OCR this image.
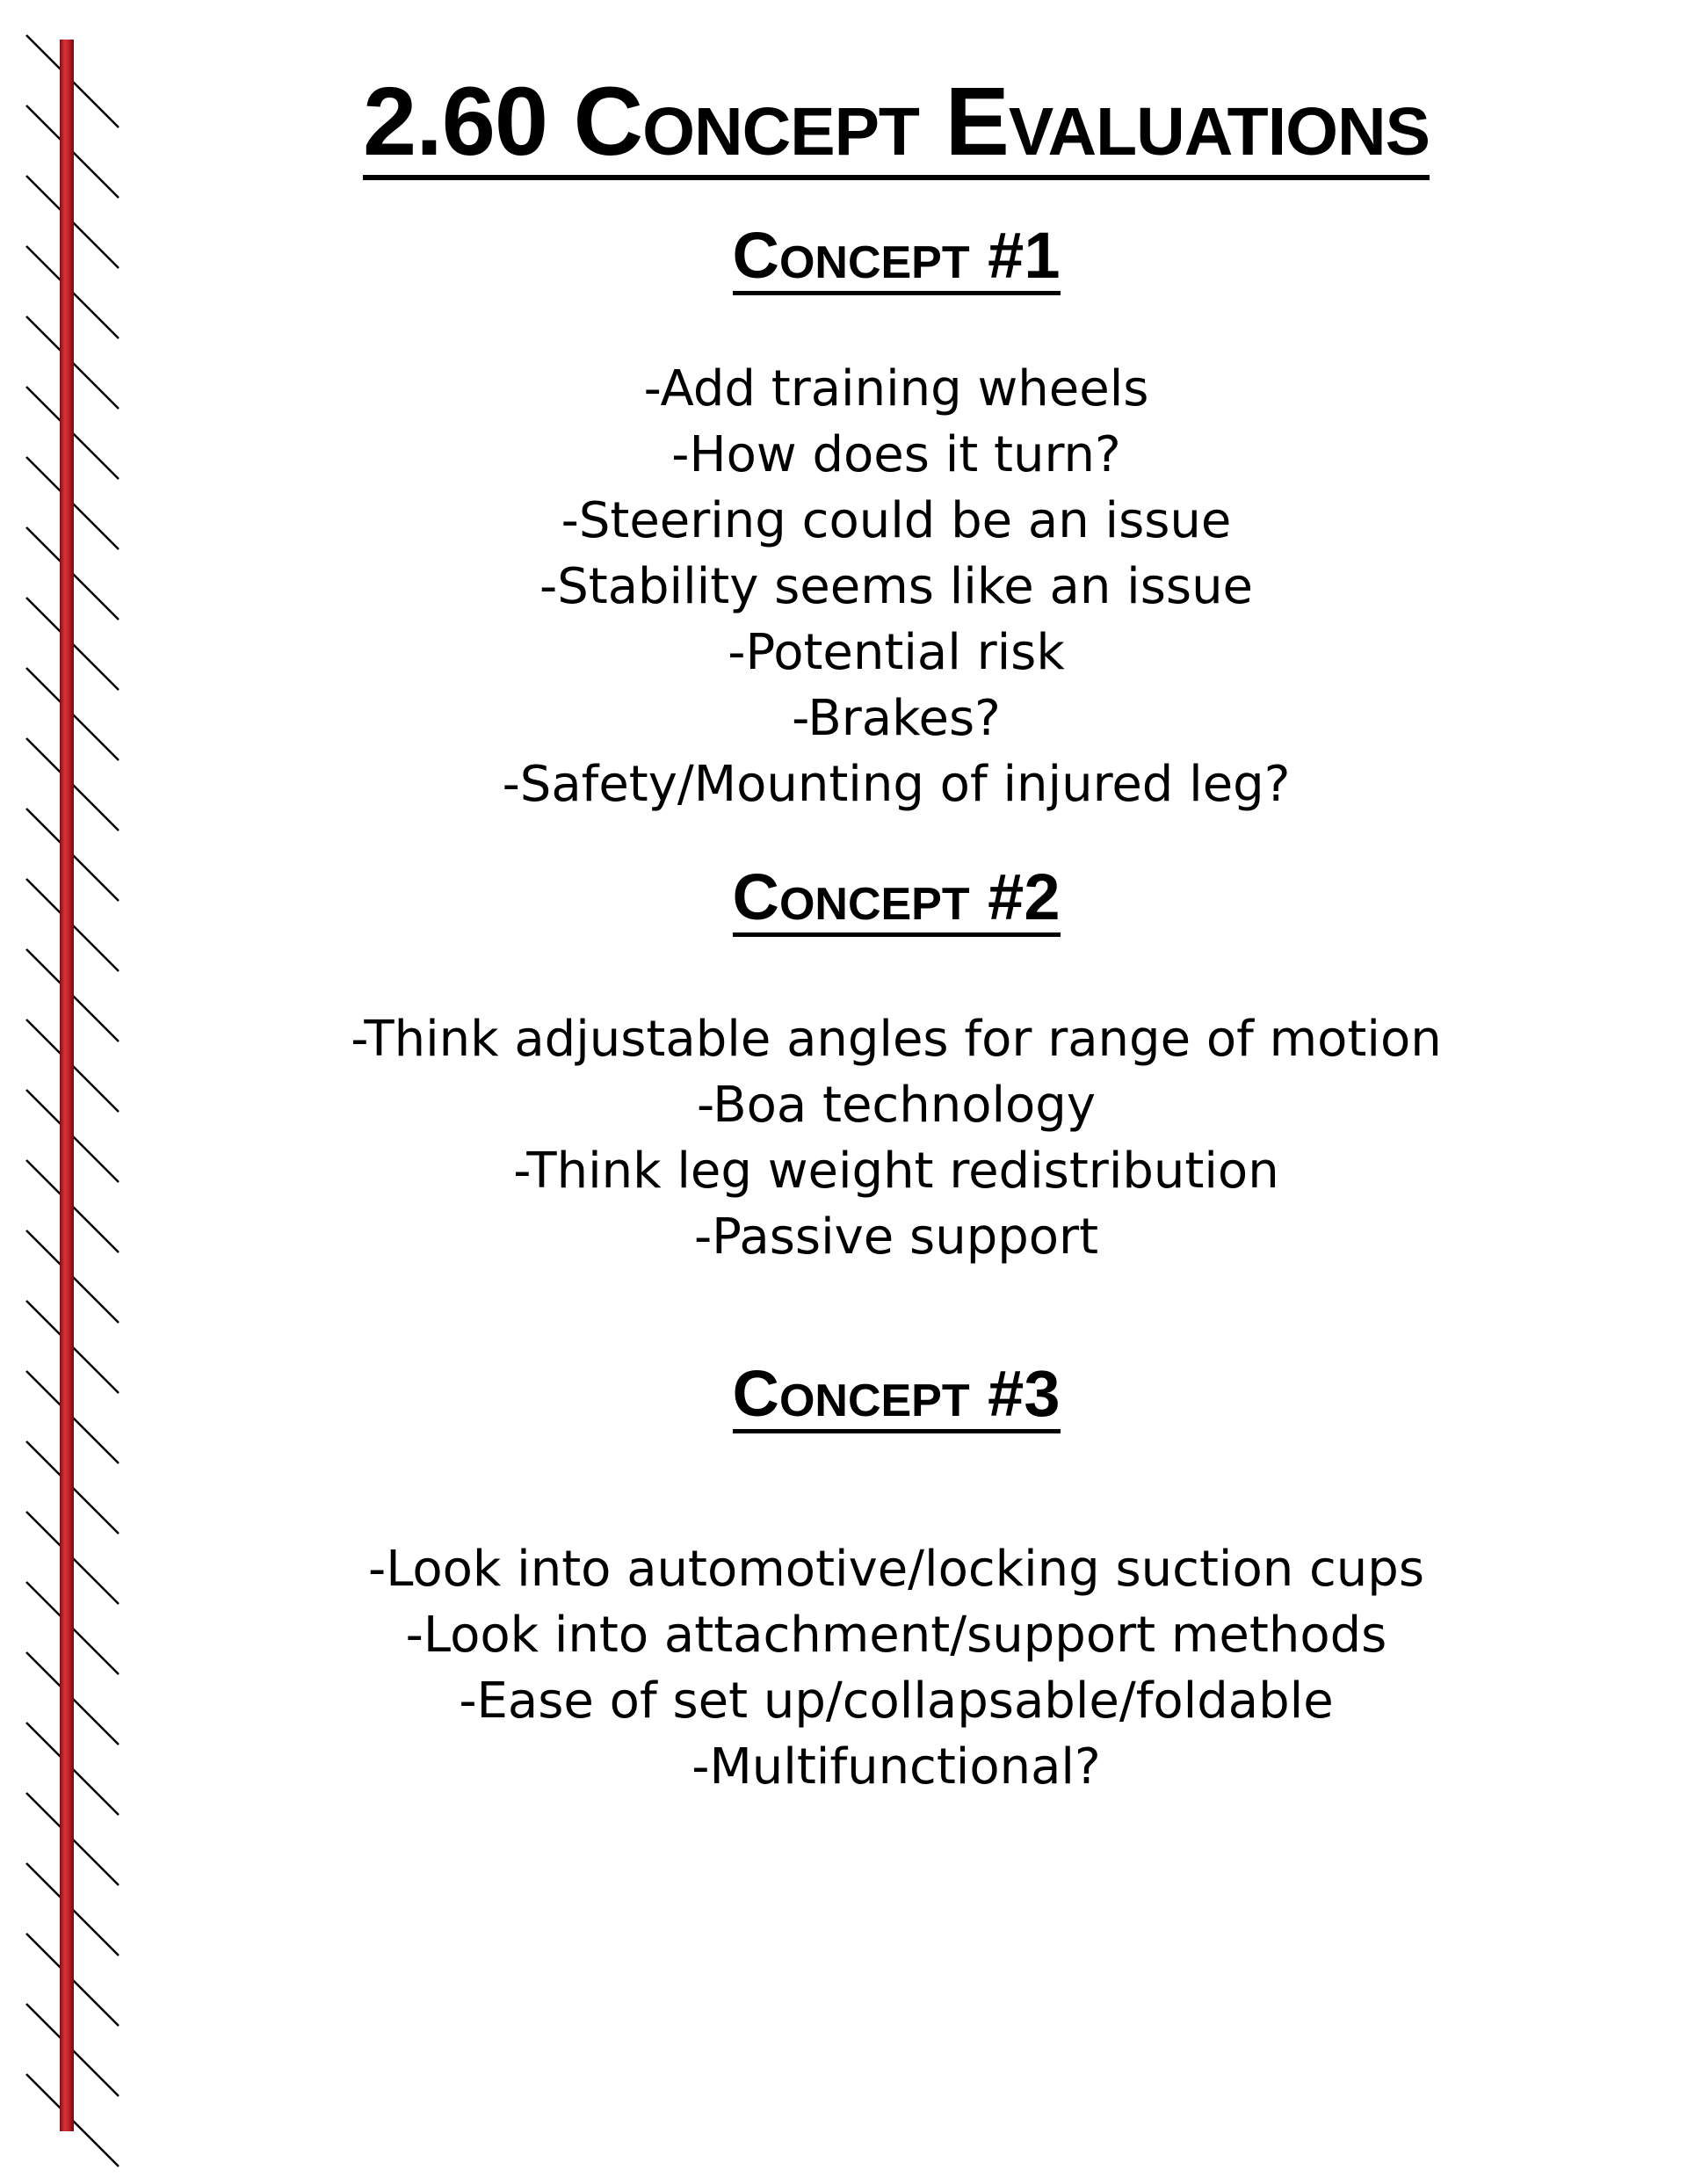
2.60 Concept Evaluations
Concept #1
-Add training wheels
-How does it turn?
-Steering could be an issue
-Stability seems like an issue
-Potential risk
-Brakes?
-Safety/Mounting of injured leg?
Concept #2
-Think adjustable angles for range of motion
-Boa technology
-Think leg weight redistribution
-Passive support
Concept #3
-Look into automotive/locking suction cups
-Look into attachment/support methods
-Ease of set up/collapsable/foldable
-Multifunctional?
